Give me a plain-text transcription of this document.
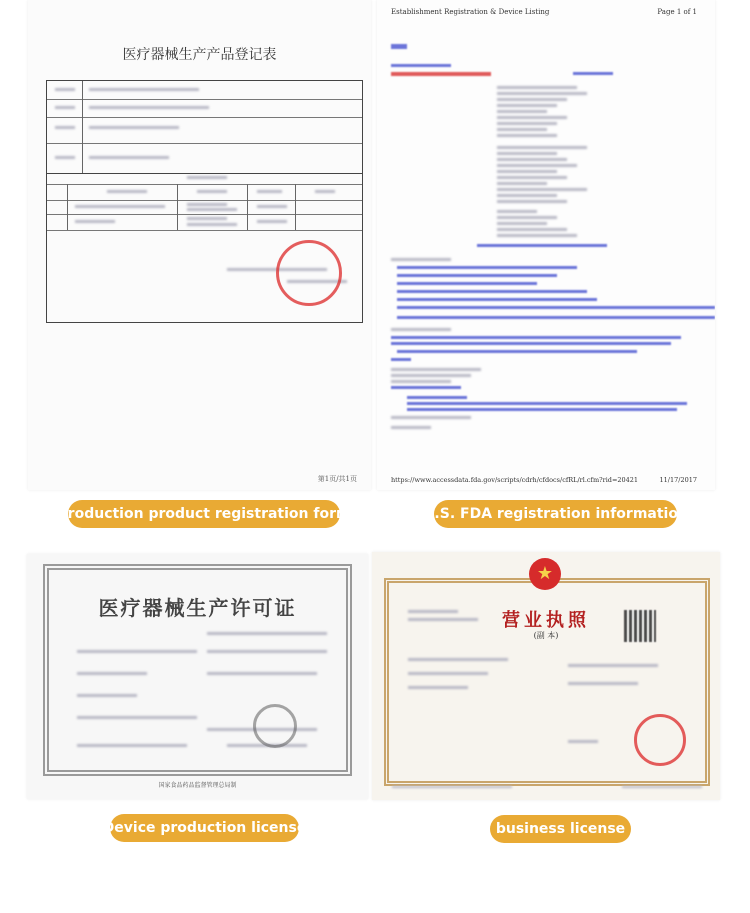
医疗器械生产产品登记表
第1页/共1页
Production product registration form
Establishment Registration & Device Listing	Page 1 of 1
https://www.accessdata.fda.gov/scripts/cdrh/cfdocs/cfRL/rl.cfm?rid=20421	11/17/2017
U.S. FDA registration information
医疗器械生产许可证
国家食品药品监督管理总局制
Device production license
★
营业执照
(副 本)
business license
